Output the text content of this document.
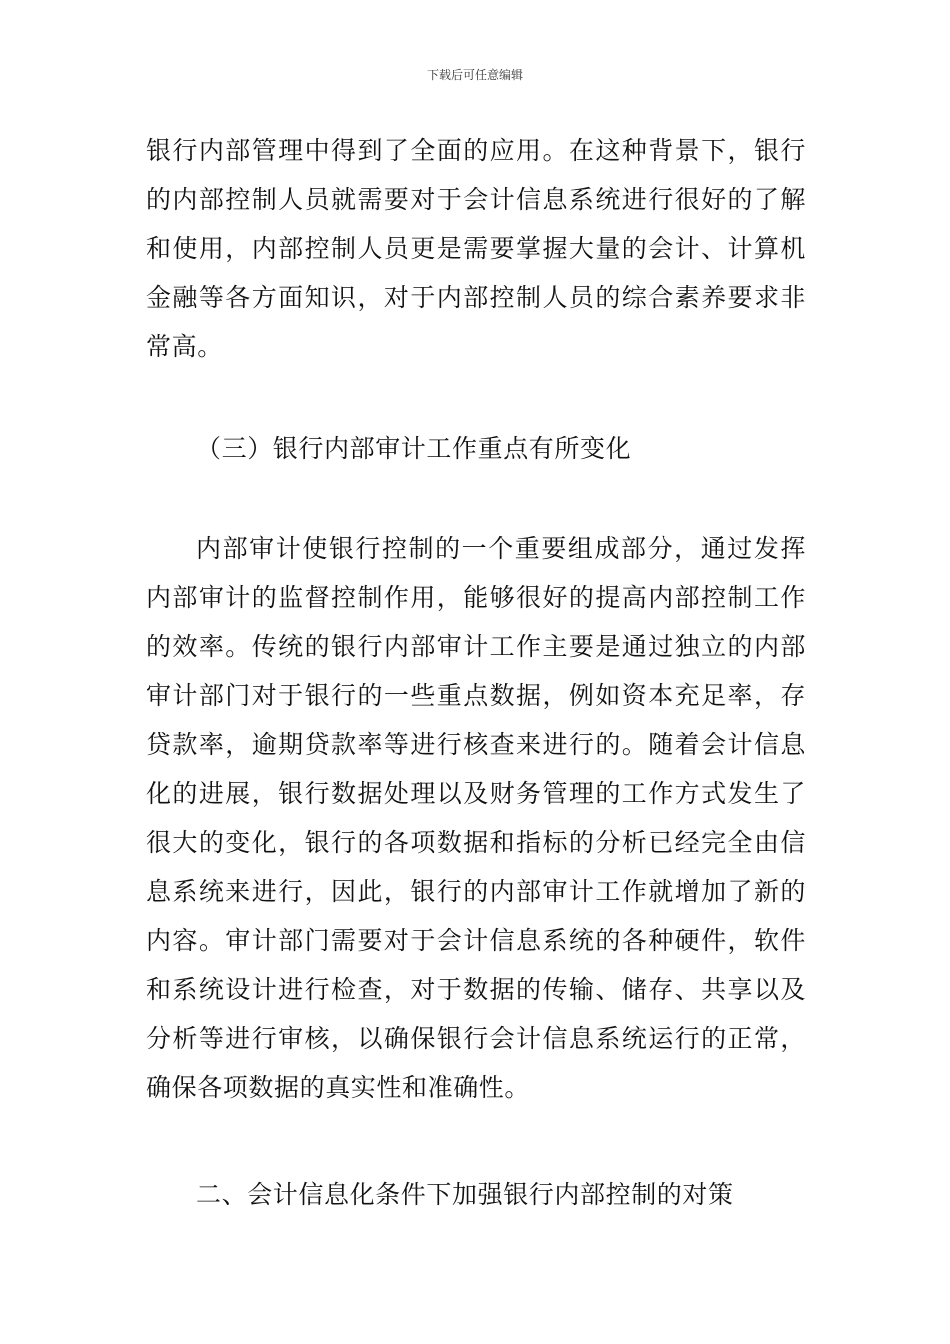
下载后可任意编辑

银行内部管理中得到了全面的应用。在这种背景下，银行的内部控制人员就需要对于会计信息系统进行很好的了解和使用，内部控制人员更是需要掌握大量的会计、计算机金融等各方面知识，对于内部控制人员的综合素养要求非常高。

（三）银行内部审计工作重点有所变化

内部审计使银行控制的一个重要组成部分，通过发挥内部审计的监督控制作用，能够很好的提高内部控制工作的效率。传统的银行内部审计工作主要是通过独立的内部审计部门对于银行的一些重点数据，例如资本充足率，存贷款率，逾期贷款率等进行核查来进行的。随着会计信息化的进展，银行数据处理以及财务管理的工作方式发生了很大的变化，银行的各项数据和指标的分析已经完全由信息系统来进行，因此，银行的内部审计工作就增加了新的内容。审计部门需要对于会计信息系统的各种硬件，软件和系统设计进行检查，对于数据的传输、储存、共享以及分析等进行审核，以确保银行会计信息系统运行的正常，确保各项数据的真实性和准确性。

二、会计信息化条件下加强银行内部控制的对策
